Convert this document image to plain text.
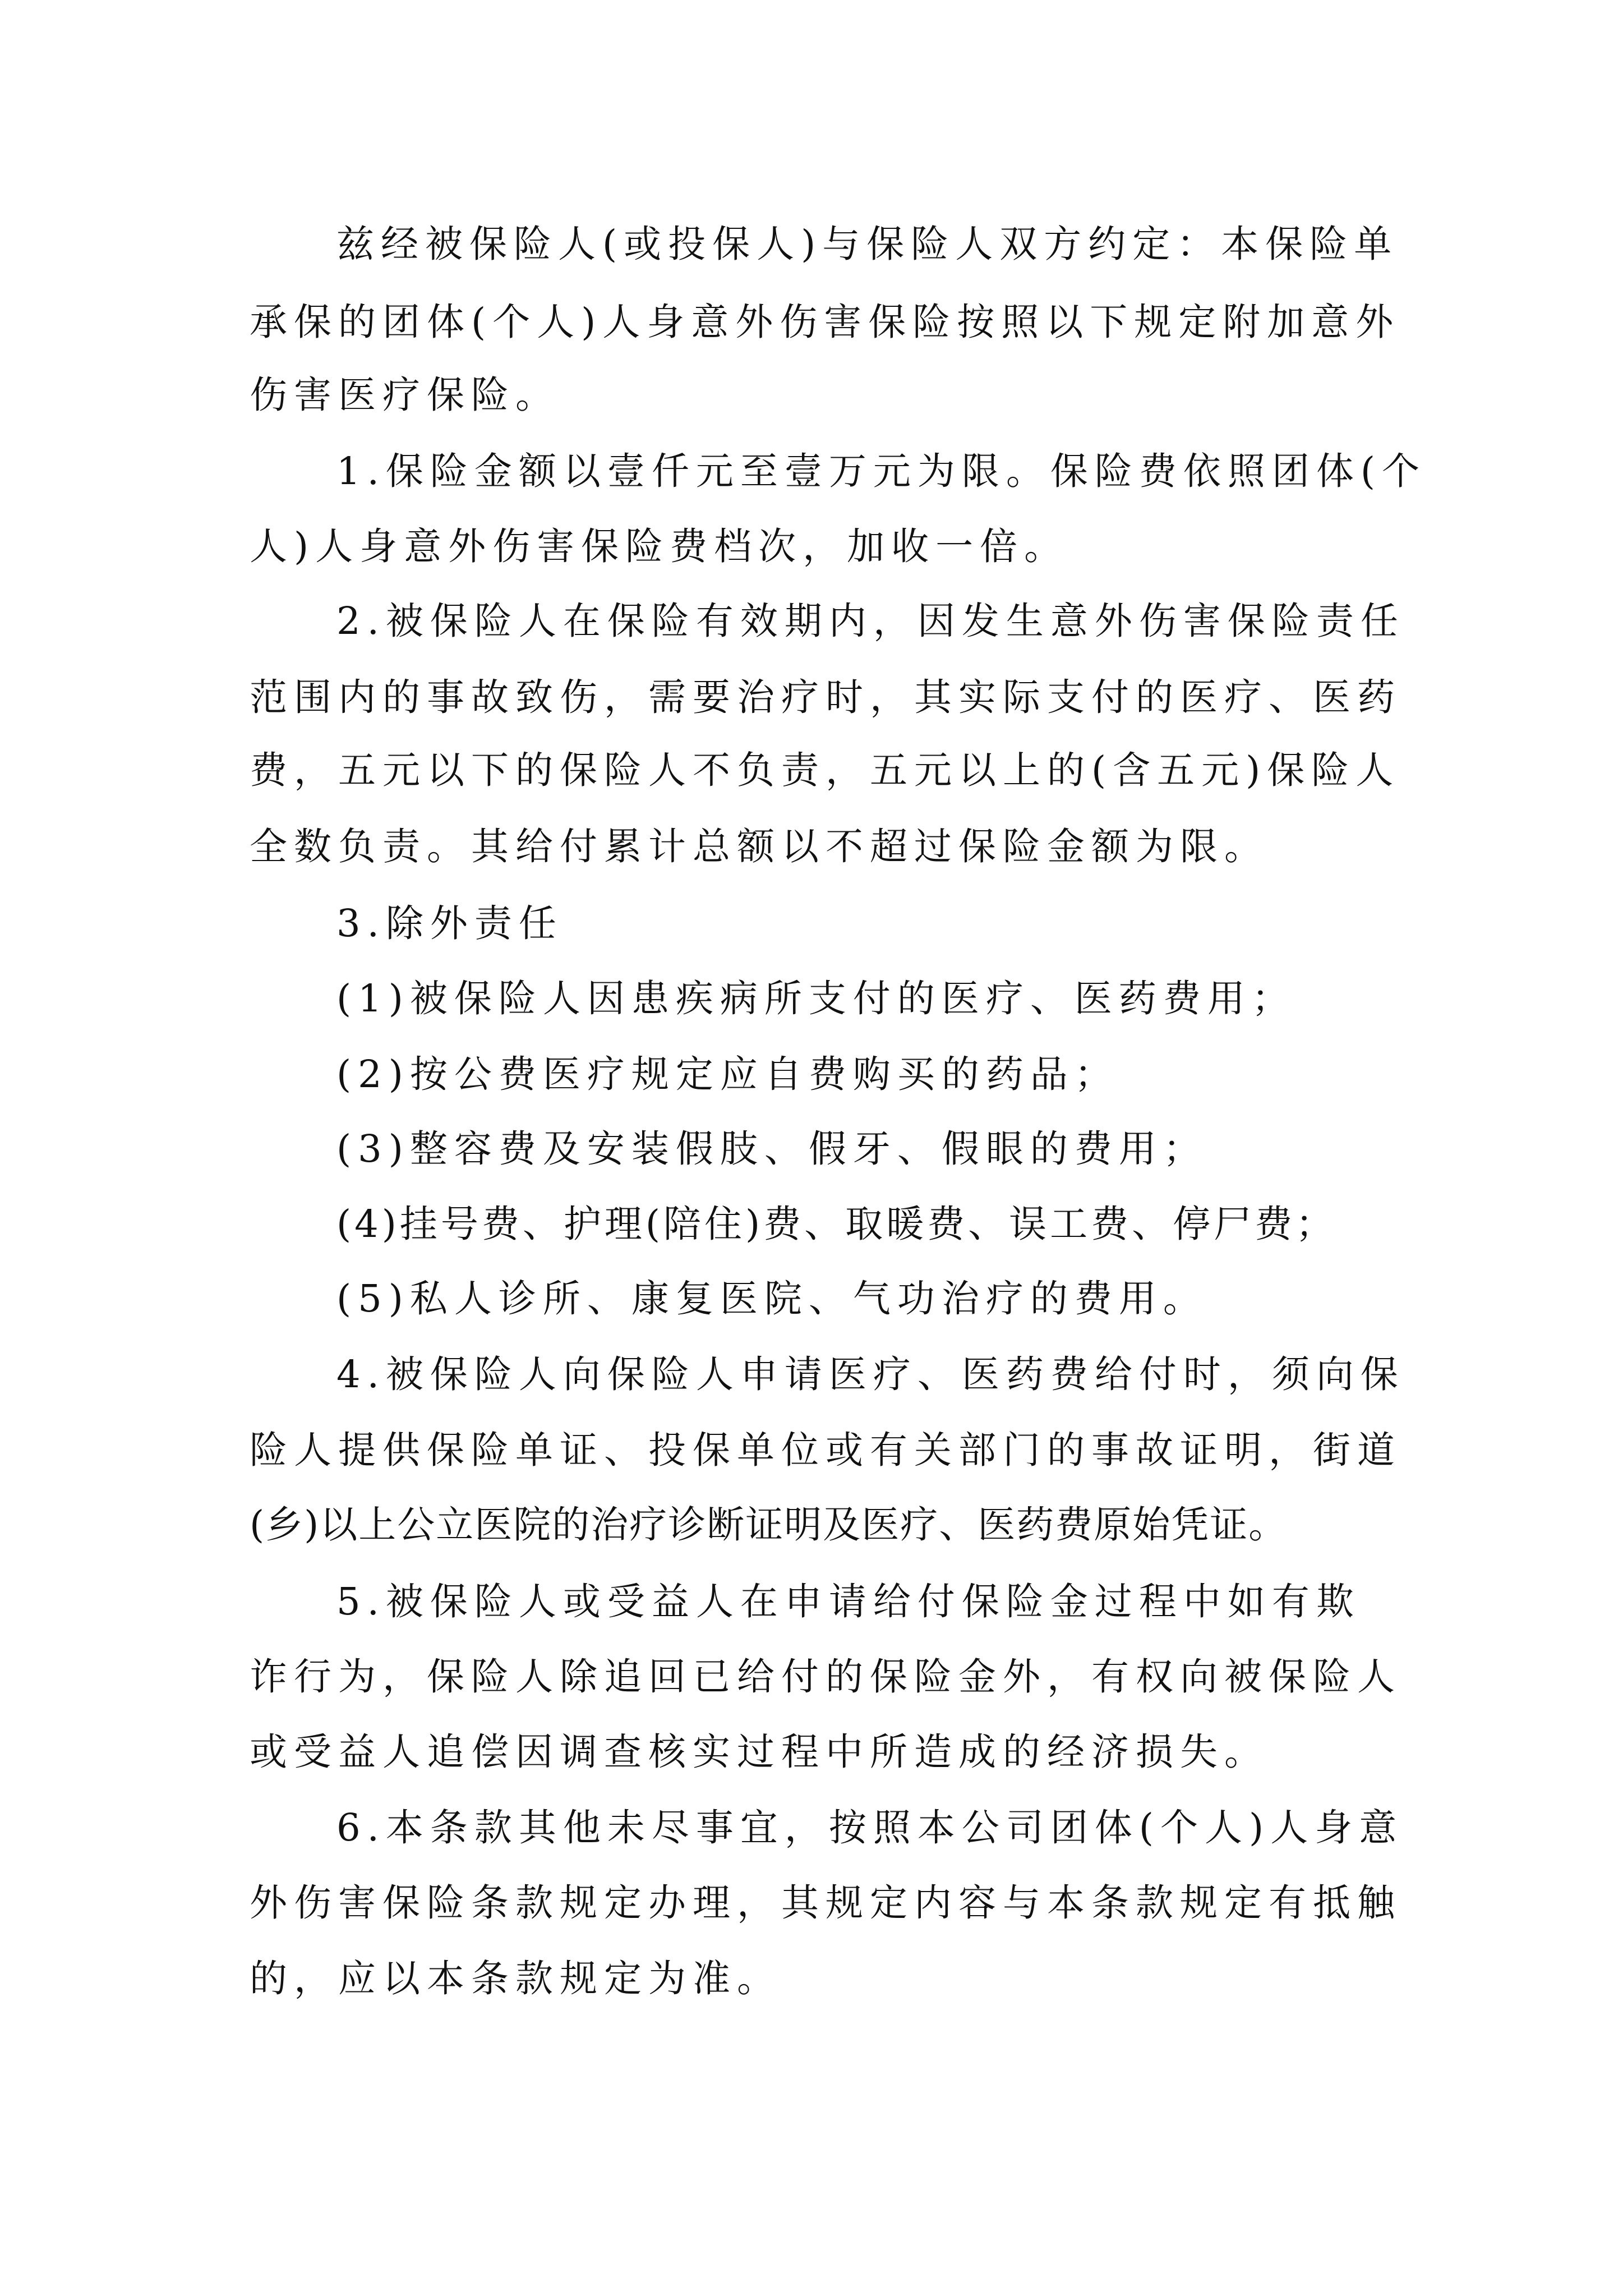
兹经被保险人(或投保人)与保险人双方约定：本保险单
承保的团体(个人)人身意外伤害保险按照以下规定附加意外
伤害医疗保险。
1.保险金额以壹仟元至壹万元为限。保险费依照团体(个
人)人身意外伤害保险费档次，加收一倍。
2.被保险人在保险有效期内，因发生意外伤害保险责任
范围内的事故致伤，需要治疗时，其实际支付的医疗、医药
费，五元以下的保险人不负责，五元以上的(含五元)保险人
全数负责。其给付累计总额以不超过保险金额为限。
3.除外责任
(1)被保险人因患疾病所支付的医疗、医药费用；
(2)按公费医疗规定应自费购买的药品；
(3)整容费及安装假肢、假牙、假眼的费用；
(4)挂号费、护理(陪住)费、取暖费、误工费、停尸费；
(5)私人诊所、康复医院、气功治疗的费用。
4.被保险人向保险人申请医疗、医药费给付时，须向保
险人提供保险单证、投保单位或有关部门的事故证明，街道
(乡)以上公立医院的治疗诊断证明及医疗、医药费原始凭证。
5.被保险人或受益人在申请给付保险金过程中如有欺
诈行为，保险人除追回已给付的保险金外，有权向被保险人
或受益人追偿因调查核实过程中所造成的经济损失。
6.本条款其他未尽事宜，按照本公司团体(个人)人身意
外伤害保险条款规定办理，其规定内容与本条款规定有抵触
的，应以本条款规定为准。
